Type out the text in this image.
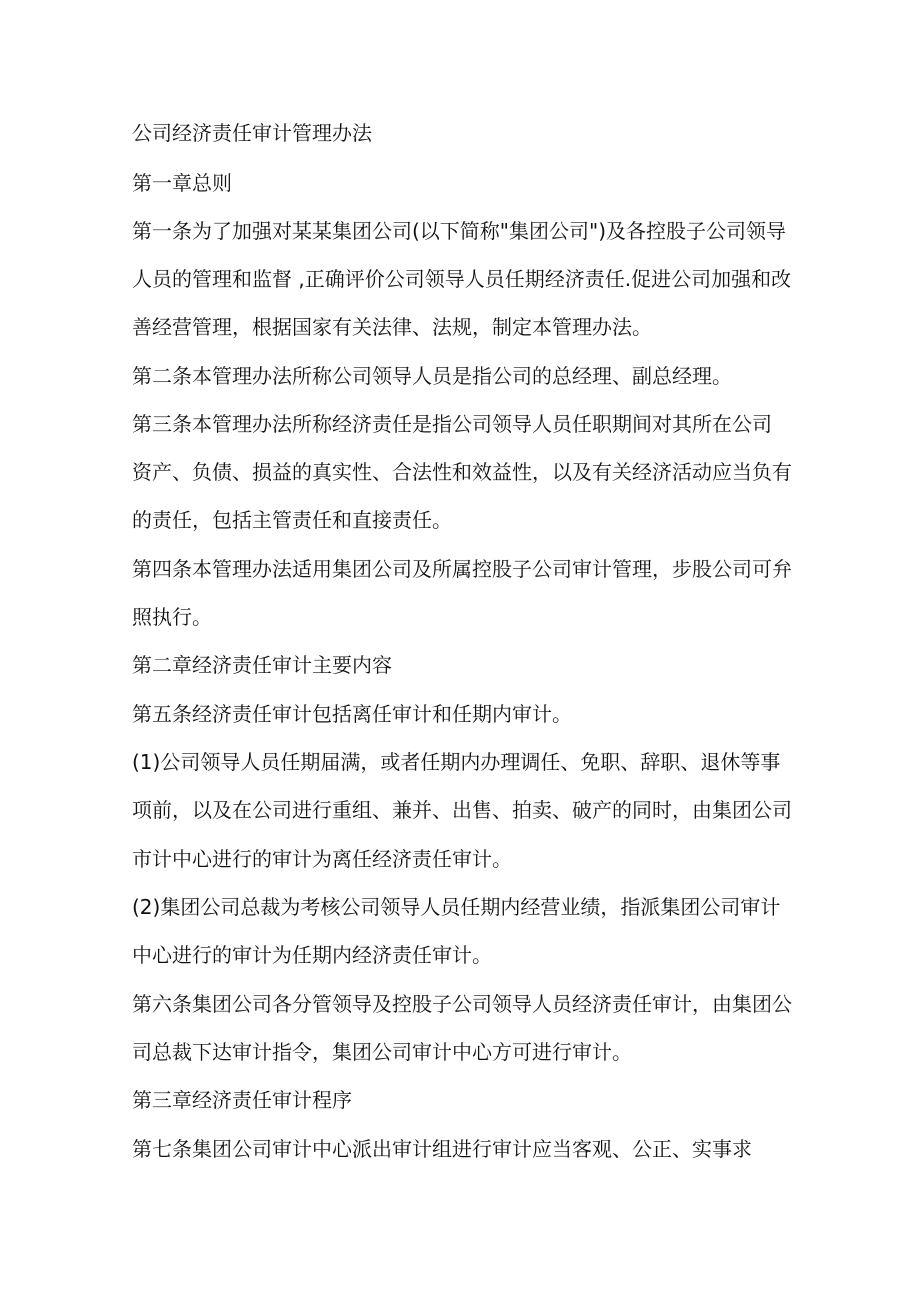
公司经济责任审计管理办法
第一章总则
第一条为了加强对某某集团公司(以下简称"集团公司")及各控股子公司领导
人员的管理和监督 ,正确评价公司领导人员任期经济责任.促进公司加强和改
善经营管理，根据国家有关法律、法规，制定本管理办法。
第二条本管理办法所称公司领导人员是指公司的总经理、副总经理。
第三条本管理办法所称经济责任是指公司领导人员任职期间对其所在公司
资产、负债、损益的真实性、合法性和效益性，以及有关经济活动应当负有
的责任，包括主管责任和直接责任。
第四条本管理办法适用集团公司及所属控股子公司审计管理，步股公司可弁
照执行。
第二章经济责任审计主要内容
第五条经济责任审计包括离任审计和任期内审计。
(1)公司领导人员任期届满，或者任期内办理调任、免职、辞职、退休等事
项前，以及在公司进行重组、兼并、出售、拍卖、破产的同时，由集团公司
市计中心进行的审计为离任经济责任审计。
(2)集团公司总裁为考核公司领导人员任期内经营业绩，指派集团公司审计
中心进行的审计为任期内经济责任审计。
第六条集团公司各分管领导及控股子公司领导人员经济责任审计，由集团公
司总裁下达审计指令，集团公司审计中心方可进行审计。
第三章经济责任审计程序
第七条集团公司审计中心派出审计组进行审计应当客观、公正、实事求
